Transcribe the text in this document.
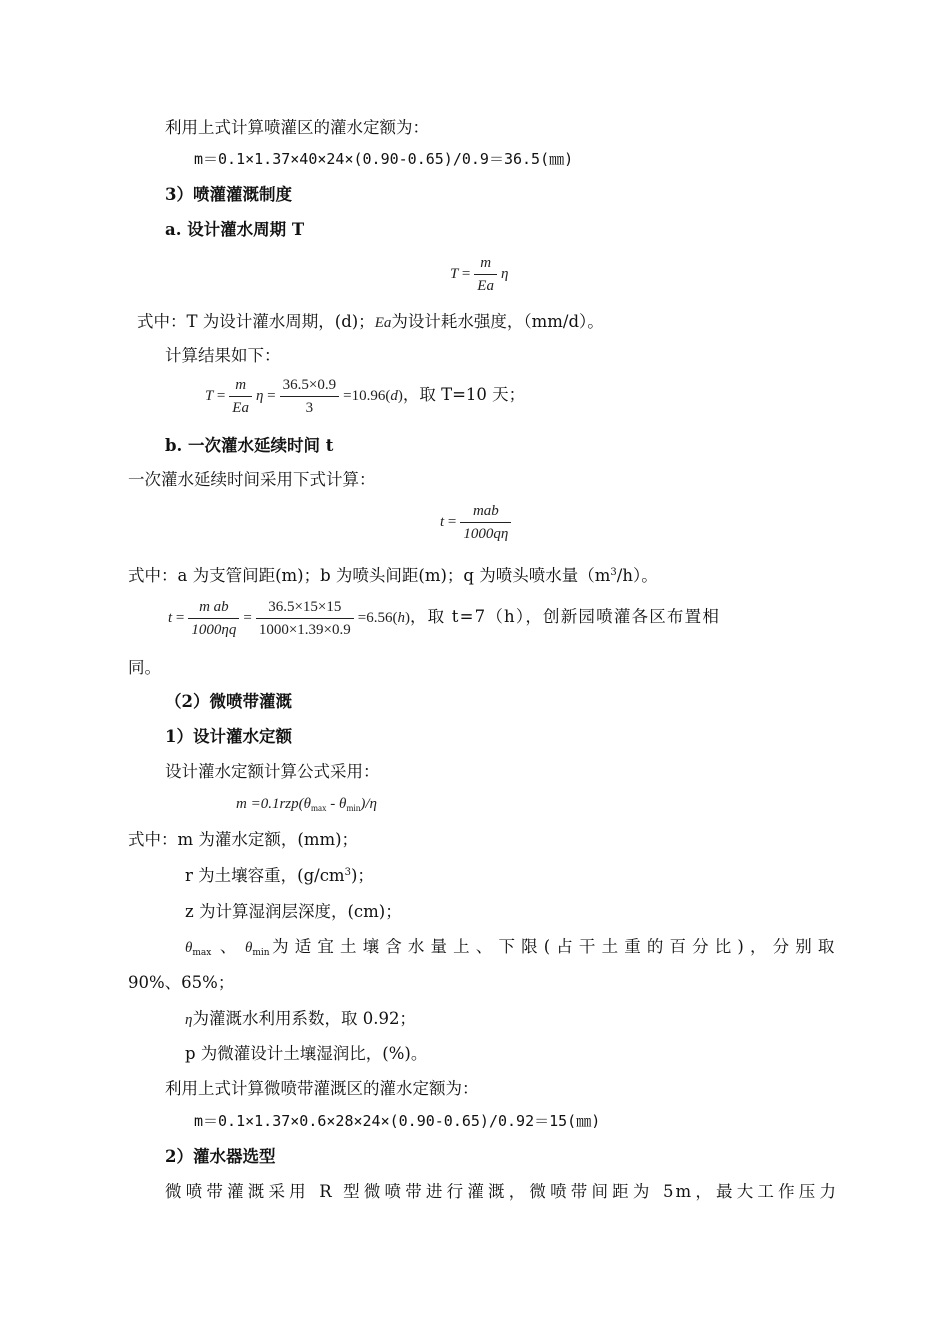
利用上式计算喷灌区的灌水定额为：
m＝0.1×1.37×40×24×(0.90-0.65)/0.9＝36.5(㎜)
3）喷灌灌溉制度
a. 设计灌水周期 T
$T = \frac{m}{Ea}$ η
式中：T 为设计灌水周期，(d)；Ea为设计耗水强度，（mm/d）。
计算结果如下：
$T = \frac{m}{Ea}$ $\eta = \frac{36.5\times 0.9}{3} =10.96(d)$，取 T=10 天；
b. 一次灌水延续时间 t
一次灌水延续时间采用下式计算：
$t = \frac{\text{mab}}{1000q\eta}$
式中：a 为支管间距(m)；b 为喷头间距(m)；q 为喷头喷水量$(m^3/h)$。
$t = \frac{\text{m ab}}{1000\eta q} = \frac{36.5\times 15\times 15}{1000\times 1.39\times 0.9} =6.56(h)$，取 t=7（h），创新园喷灌各区布置相
同。
（2）微喷带灌溉
1）设计灌水定额
设计灌水定额计算公式采用：
$m =0.1rzp(\theta_{max} - \theta_{min})/\eta$
式中：m 为灌水定额，(mm)；
r 为土壤容重，$(g/cm^3)$；
z 为计算湿润层深度，(cm)；
$\theta_{max}$ 、 $\theta_{min}$为适宜土壤含水量上、下限(占干土重的百分比)，分别取
90%、65%；
η为灌溉水利用系数，取 0.92；
p 为微灌设计土壤湿润比，(%)。
利用上式计算微喷带灌溉区的灌水定额为：
m＝0.1×1.37×0.6×28×24×(0.90-0.65)/0.92＝15(㎜)
2）灌水器选型
微喷带灌溉采用 R 型微喷带进行灌溉，微喷带间距为 5m，最大工作压力
